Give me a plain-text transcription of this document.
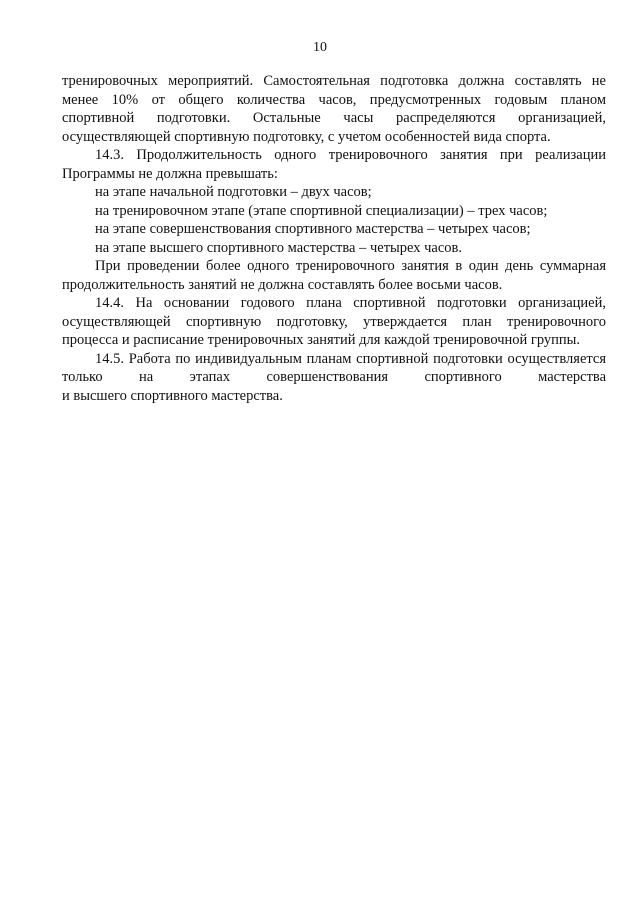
10
тренировочных мероприятий. Самостоятельная подготовка должна составлять не
менее 10% от общего количества часов, предусмотренных годовым планом
спортивной подготовки. Остальные часы распределяются организацией,
осуществляющей спортивную подготовку, с учетом особенностей вида спорта.
14.3. Продолжительность одного тренировочного занятия при реализации
Программы не должна превышать:
на этапе начальной подготовки – двух часов;
на тренировочном этапе (этапе спортивной специализации) – трех часов;
на этапе совершенствования спортивного мастерства – четырех часов;
на этапе высшего спортивного мастерства – четырех часов.
При проведении более одного тренировочного занятия в один день суммарная
продолжительность занятий не должна составлять более восьми часов.
14.4. На основании годового плана спортивной подготовки организацией,
осуществляющей спортивную подготовку, утверждается план тренировочного
процесса и расписание тренировочных занятий для каждой тренировочной группы.
14.5. Работа по индивидуальным планам спортивной подготовки осуществляется
только на этапах совершенствования спортивного мастерства
и высшего спортивного мастерства.
